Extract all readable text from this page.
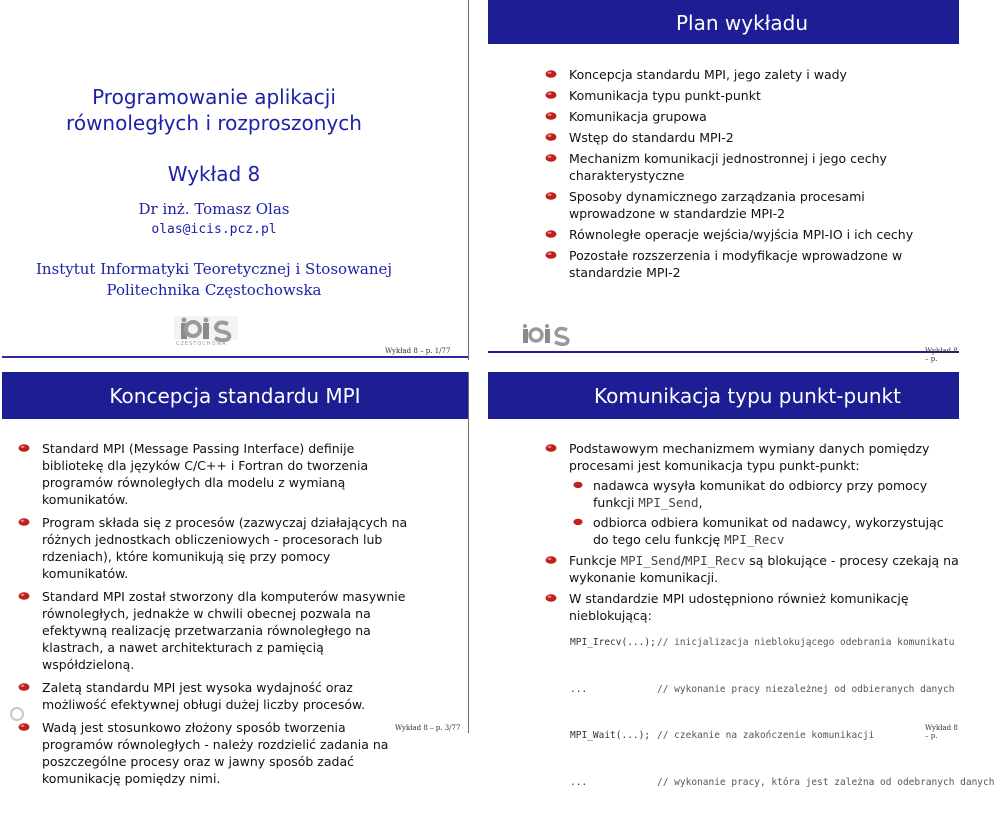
Programowanie aplikacji
równoległych i rozproszonych
Wykład 8
Dr inż. Tomasz Olas
olas@icis.pcz.pl
Instytut Informatyki Teoretycznej i Stosowanej
Politechnika Częstochowska
CZESTOCHOWA
Wykład 8 – p. 1/77
Plan wykładu
Koncepcja standardu MPI, jego zalety i wady
Komunikacja typu punkt-punkt
Komunikacja grupowa
Wstęp do standardu MPI-2
Mechanizm komunikacji jednostronnej i jego cechy charakterystyczne
Sposoby dynamicznego zarządzania procesami wprowadzone w standardzie MPI-2
Równoległe operacje wejścia/wyjścia MPI-IO i ich cechy
Pozostałe rozszerzenia i modyfikacje wprowadzone w standardzie MPI-2
Wykład 8 – p.
Koncepcja standardu MPI
Standard MPI (Message Passing Interface) definije bibliotekę dla języków C/C++ i Fortran do tworzenia programów równoległych dla modelu z wymianą komunikatów.
Program składa się z procesów (zazwyczaj działających na różnych jednostkach obliczeniowych - procesorach lub rdzeniach), które komunikują się przy pomocy komunikatów.
Standard MPI został stworzony dla komputerów masywnie równoległych, jednakże w chwili obecnej pozwala na efektywną realizację przetwarzania równoległego na klastrach, a nawet architekturach z pamięcią współdzieloną.
Zaletą standardu MPI jest wysoka wydajność oraz możliwość efektywnej obługi dużej liczby procesów.
Wadą jest stosunkowo złożony sposób tworzenia programów równoległych - należy rozdzielić zadania na poszczególne procesy oraz w jawny sposób zadać komunikację pomiędzy nimi.
Wykład 8 – p. 3/77
Komunikacja typu punkt-punkt
Podstawowym mechanizmem wymiany danych pomiędzy procesami jest komunikacja typu punkt-punkt:
nadawca wysyła komunikat do odbiorcy przy pomocy funkcji MPI_Send,
odbiorca odbiera komunikat od nadawcy, wykorzystując do tego celu funkcję MPI_Recv
Funkcje MPI_Send/MPI_Recv są blokujące - procesy czekają na wykonanie komunikacji.
W standardzie MPI udostępniono również komunikację nieblokującą:

MPI_Irecv(...);// inicjalizacja nieblokującego odebrania komunikatu

...	// wykonanie pracy niezależnej od odbieranych danych

MPI_Wait(...); // czekanie na zakończenie komunikacji

...	// wykonanie pracy, która jest zależna od odebranych danych

Wykład 8 – p.
